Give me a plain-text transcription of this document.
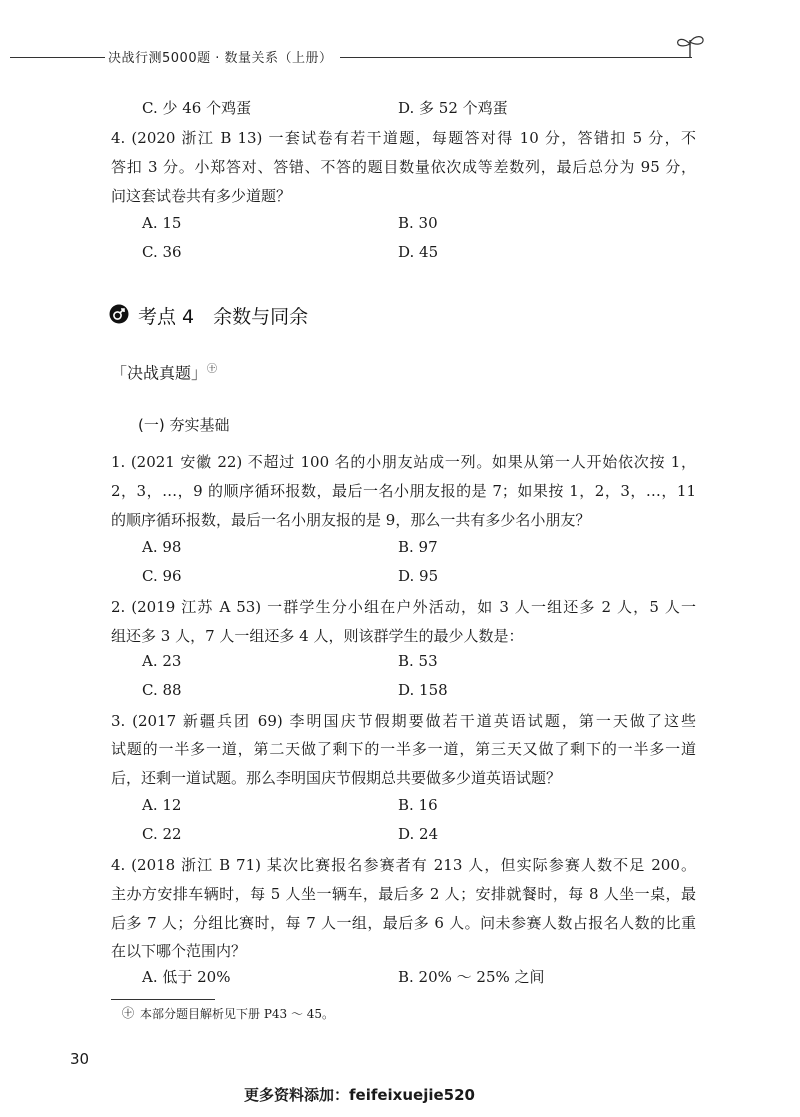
决战行测5000题 · 数量关系（上册）
C. 少 46 个鸡蛋	D. 多 52 个鸡蛋
4. (2020 浙江 B 13) 一套试卷有若干道题，每题答对得 10 分，答错扣 5 分，不
答扣 3 分。小郑答对、答错、不答的题目数量依次成等差数列，最后总分为 95 分，
问这套试卷共有多少道题？
A. 15	B. 30
C. 36	D. 45
考点 4　余数与同余
「决战真题」$^㊉$
(一) 夯实基础
1. (2021 安徽 22) 不超过 100 名的小朋友站成一列。如果从第一人开始依次按 1，
2，3，…，9 的顺序循环报数，最后一名小朋友报的是 7；如果按 1，2，3，…，11
的顺序循环报数，最后一名小朋友报的是 9，那么一共有多少名小朋友？
A. 98	B. 97
C. 96	D. 95
2. (2019 江苏 A 53) 一群学生分小组在户外活动，如 3 人一组还多 2 人，5 人一
组还多 3 人，7 人一组还多 4 人，则该群学生的最少人数是：
A. 23	B. 53
C. 88	D. 158
3. (2017 新疆兵团 69) 李明国庆节假期要做若干道英语试题，第一天做了这些
试题的一半多一道，第二天做了剩下的一半多一道，第三天又做了剩下的一半多一道
后，还剩一道试题。那么李明国庆节假期总共要做多少道英语试题？
A. 12	B. 16
C. 22	D. 24
4. (2018 浙江 B 71) 某次比赛报名参赛者有 213 人，但实际参赛人数不足 200。
主办方安排车辆时，每 5 人坐一辆车，最后多 2 人；安排就餐时，每 8 人坐一桌，最
后多 7 人；分组比赛时，每 7 人一组，最后多 6 人。问未参赛人数占报名人数的比重
在以下哪个范围内？
A. 低于 20%	B. 20% ～ 25% 之间
㊉ 本部分题目解析见下册 P43 ～ 45。
30
更多资料添加：feifeixuejie520
